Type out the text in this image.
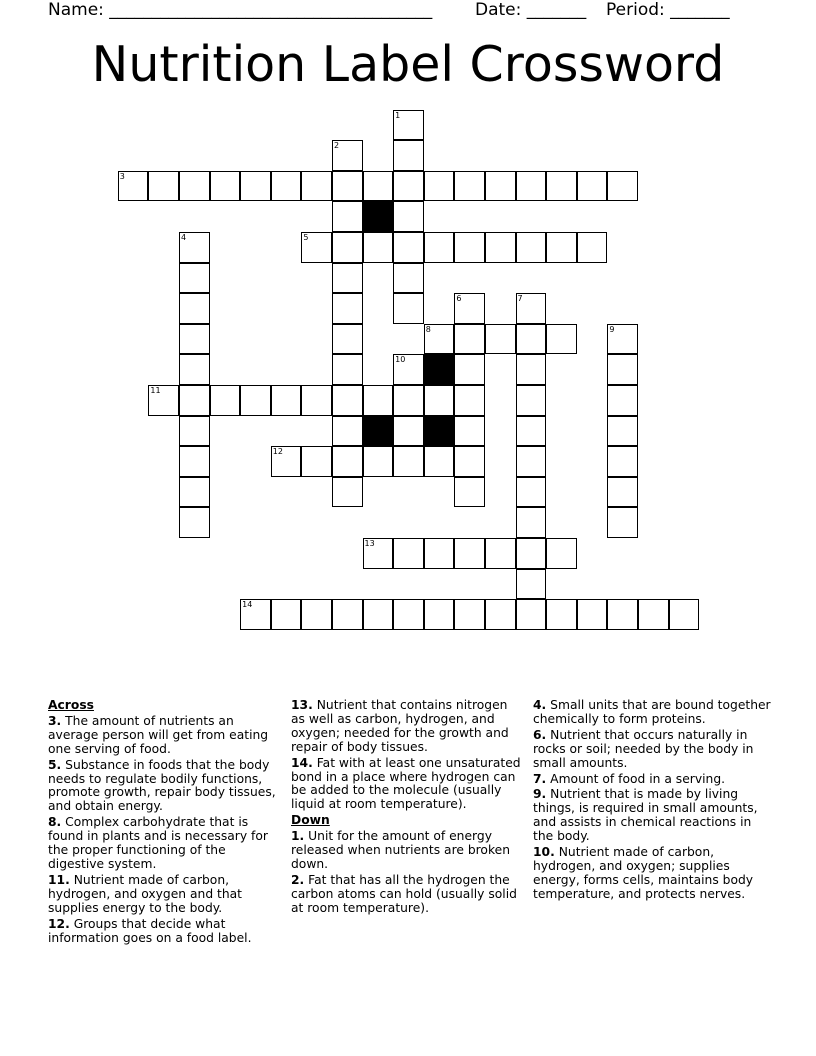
Name: ______________________________________	Date: _______ Period: _______
Nutrition Label Crossword
1
2
3
4	5
6	7
8	9
10
11
12
13
14
Across
3. The amount of nutrients an average person will get from eating one serving of food.
5. Substance in foods that the body needs to regulate bodily functions, promote growth, repair body tissues, and obtain energy.
8. Complex carbohydrate that is found in plants and is necessary for the proper functioning of the digestive system.
11. Nutrient made of carbon, hydrogen, and oxygen and that supplies energy to the body.
12. Groups that decide what information goes on a food label.
13. Nutrient that contains nitrogen as well as carbon, hydrogen, and oxygen; needed for the growth and repair of body tissues.
14. Fat with at least one unsaturated bond in a place where hydrogen can be added to the molecule (usually liquid at room temperature).
Down
1. Unit for the amount of energy released when nutrients are broken down.
2. Fat that has all the hydrogen the carbon atoms can hold (usually solid at room temperature).
4. Small units that are bound together chemically to form proteins.
6. Nutrient that occurs naturally in rocks or soil; needed by the body in small amounts.
7. Amount of food in a serving.
9. Nutrient that is made by living things, is required in small amounts, and assists in chemical reactions in the body.
10. Nutrient made of carbon, hydrogen, and oxygen; supplies energy, forms cells, maintains body temperature, and protects nerves.
